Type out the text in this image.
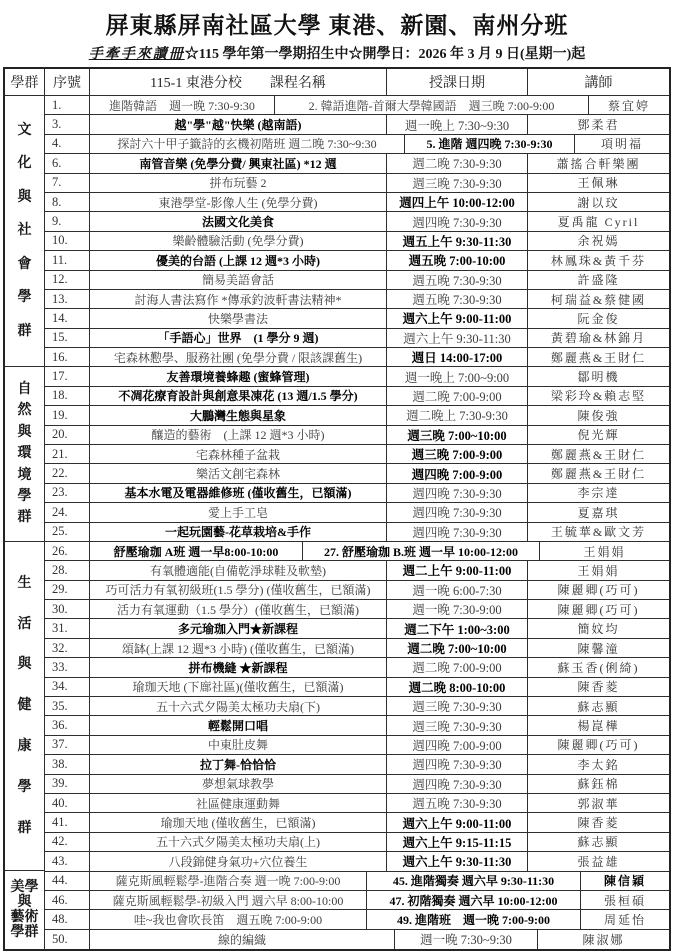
屏東縣屏南社區大學 東港、新園、南州分班
手牽手來讀冊☆115 學年第一學期招生中☆開學日：2026 年 3 月 9 日(星期一)起
學群	序號	115-1 東港分校　　課程名稱	授課日期	講師
文
化
與
社
會
學
群
1.	進階韓語　週一晚 7:30-9:30	2. 韓語進階-首爾大學韓國語　週三晚 7:00-9:00	蔡宜婷
3.	越"學"越"快樂 (越南語)	週一晚上 7:30~9:30	鄧柔君
4.	探討六十甲子籤詩的玄機初階班 週二晚 7:30~9:30	5. 進階 週四晚 7:30-9:30	項明福
6.	南管音樂 (免學分費/ 興東社區) *12 週	週二晚 7:30-9:30	蕭搖合軒樂團
7.	拼布玩藝 2	週三晚 7:30-9:30	王佩琳
8.	東港學堂-影像人生 (免學分費)	週四上午 10:00-12:00	謝以玟
9.	法國文化美食	週四晚 7:30-9:30	夏禹龍 Cyril
10.	樂齡體驗活動 (免學分費)	週五上午 9:30-11:30	余祝嫣
11.	優美的台語 (上課 12 週*3 小時)	週五晚 7:00-10:00	林鳳珠&黃千芬
12.	簡易美語會話	週五晚 7:30-9:30	許盛隆
13.	討海人書法寫作 *傳承釣波軒書法精神*	週五晚 7:30-9:30	柯瑞益&蔡健國
14.	快樂學書法	週六上午 9:00-11:00	阮金俊
15.	「手語心」世界　(1 學分 9 週)	週六上午 9:30-11:30	黃碧瑜&林錦月
16.	宅森林懃學、服務社團 (免學分費 / 限該課舊生)	週日 14:00-17:00	鄭麗燕&王財仁
自
然
與
環
境
學
群
17.	友善環境養蜂趣 (蜜蜂管理)	週一晚上 7:00~9:00	鄒明機
18.	不凋花療育設計與創意果凍花 (13 週/1.5 學分)	週二晚 7:00-9:00	梁彩玲&賴志堅
19.	大鵬灣生態與星象	週二晚上 7:30-9:30	陳俊強
20.	釀造的藝術　(上課 12 週*3 小時)	週三晚 7:00~10:00	倪光輝
21.	宅森林種子盆栽	週三晚 7:00-9:00	鄭麗燕&王財仁
22.	樂活文創宅森林	週四晚 7:00-9:00	鄭麗燕&王財仁
23.	基本水電及電器維修班 (僅收舊生，已額滿)	週四晚 7:30-9:30	李宗達
24.	愛上手工皂	週四晚 7:30-9:30	夏嘉琪
25.	一起玩園藝-花草栽培&手作	週四晚 7:30-9:30	王毓華&歐文芳
生
活
與
健
康
學
群
26.	舒壓瑜珈 A班 週一早8:00-10:00	27. 舒壓瑜珈 B.班 週一早 10:00-12:00	王娟娟
28.	有氧體適能(自備乾淨球鞋及軟墊)	週二上午 9:00-11:00	王娟娟
29.	巧可活力有氧初級班(1.5 學分) (僅收舊生，已額滿)	週一晚 6:00-7:30	陳麗卿(巧可)
30.	活力有氧運動（1.5 學分）(僅收舊生，已額滿)	週一晚 7:30-9:00	陳麗卿(巧可)
31.	多元瑜珈入門★新課程	週二下午 1:00~3:00	簡妏均
32.	頌缽(上課 12 週*3 小時) (僅收舊生，已額滿)	週二晚 7:00~10:00	陳馨潼
33.	拼布機縫 ★新課程	週二晚 7:00-9:00	蘇玉香(俐綺)
34.	瑜珈天地 (下廍社區)(僅收舊生，已額滿)	週二晚 8:00-10:00	陳香菱
35.	五十六式夕陽美太極功夫扇(下)	週三晚 7:30-9:30	蘇志顯
36.	輕鬆開口唱	週三晚 7:30-9:30	楊崑樺
37.	中東肚皮舞	週四晚 7:00-9:00	陳麗卿(巧可)
38.	拉丁舞-恰恰恰	週四晚 7:30-9:30	李太銘
39.	夢想氣球教學	週四晚 7:30-9:30	蘇鈺棉
40.	社區健康運動舞	週五晚 7:30-9:30	郭淑華
41.	瑜珈天地 (僅收舊生，已額滿)	週六上午 9:00-11:00	陳香菱
42.	五十六式夕陽美太極功夫扇(上)	週六上午 9:15-11:15	蘇志顯
43.	八段錦健身氣功+穴位養生	週六上午 9:30-11:30	張益雄
美學
與
藝術
學群
44.	薩克斯風輕鬆學-進階合奏 週一晚 7:00-9:00	45. 進階獨奏 週六早 9:30-11:30	陳信穎
46.	薩克斯風輕鬆學-初級入門 週六早 8:00-10:00	47. 初階獨奏 週六早 10:00-12:00	張桓碩
48.	哇~我也會吹長笛　週五晚 7:00-9:00	49. 進階班　週一晚 7:00-9:00	周延怡
50.	線的編織	週一晚 7:30~9:30	陳淑娜
